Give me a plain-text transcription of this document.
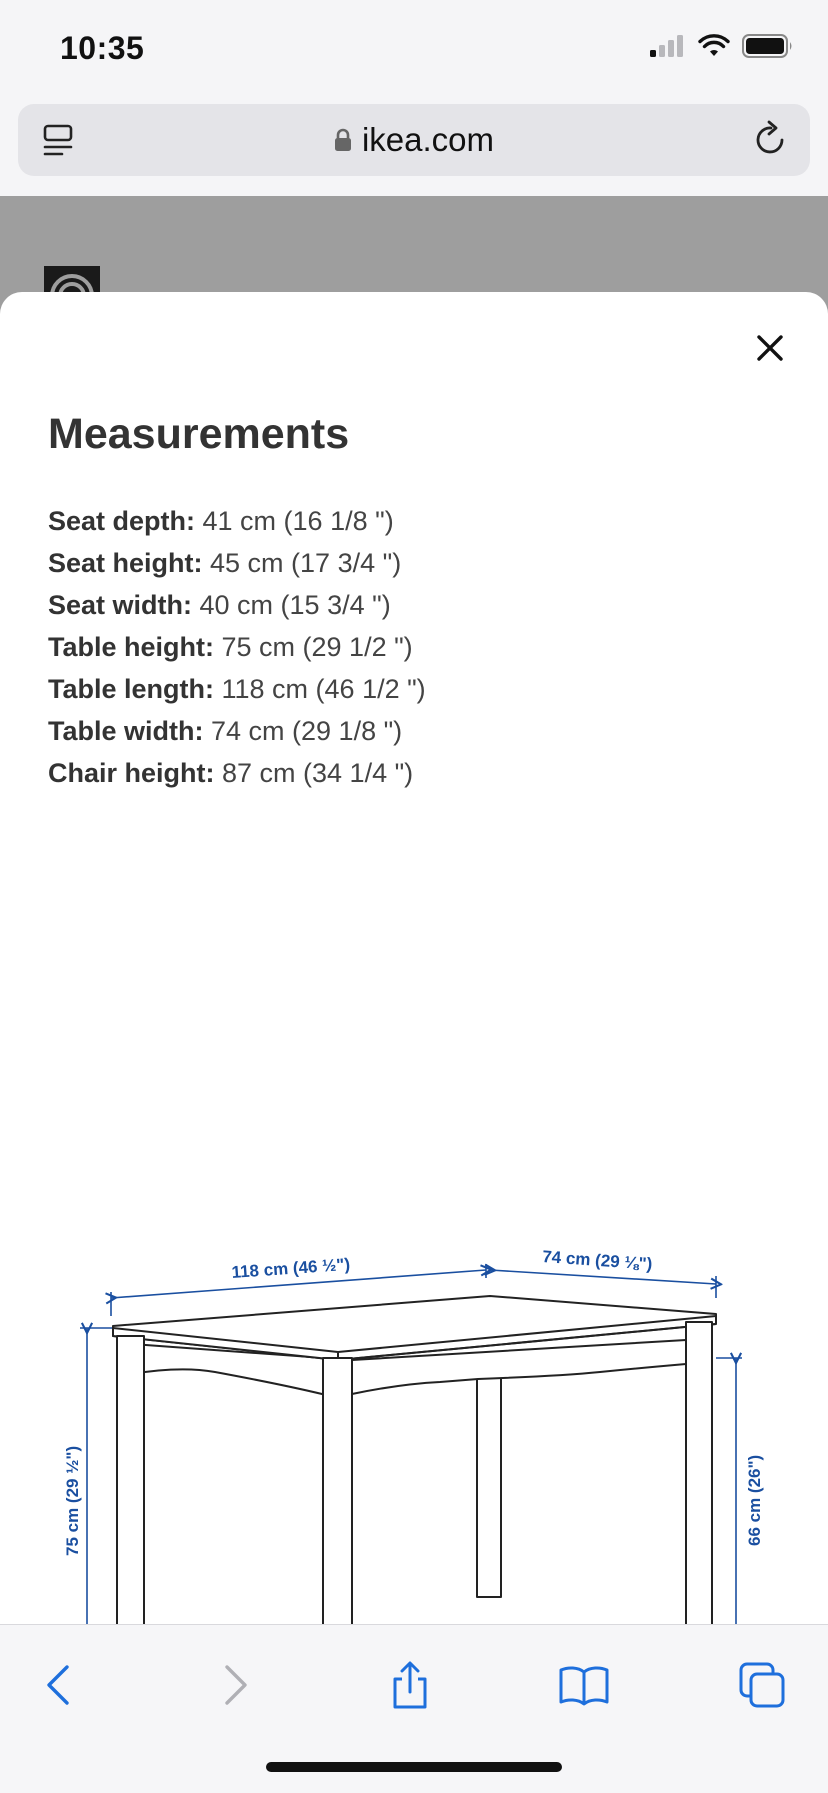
10:35
ikea.com
Measurements
Seat depth: 41 cm (16 1/8 ")
Seat height: 45 cm (17 3/4 ")
Seat width: 40 cm (15 3/4 ")
Table height: 75 cm (29 1/2 ")
Table length: 118 cm (46 1/2 ")
Table width: 74 cm (29 1/8 ")
Chair height: 87 cm (34 1/4 ")
118 cm (46 ½")	74 cm (29 ⅛")
75 cm (29 ½")	66 cm (26")
